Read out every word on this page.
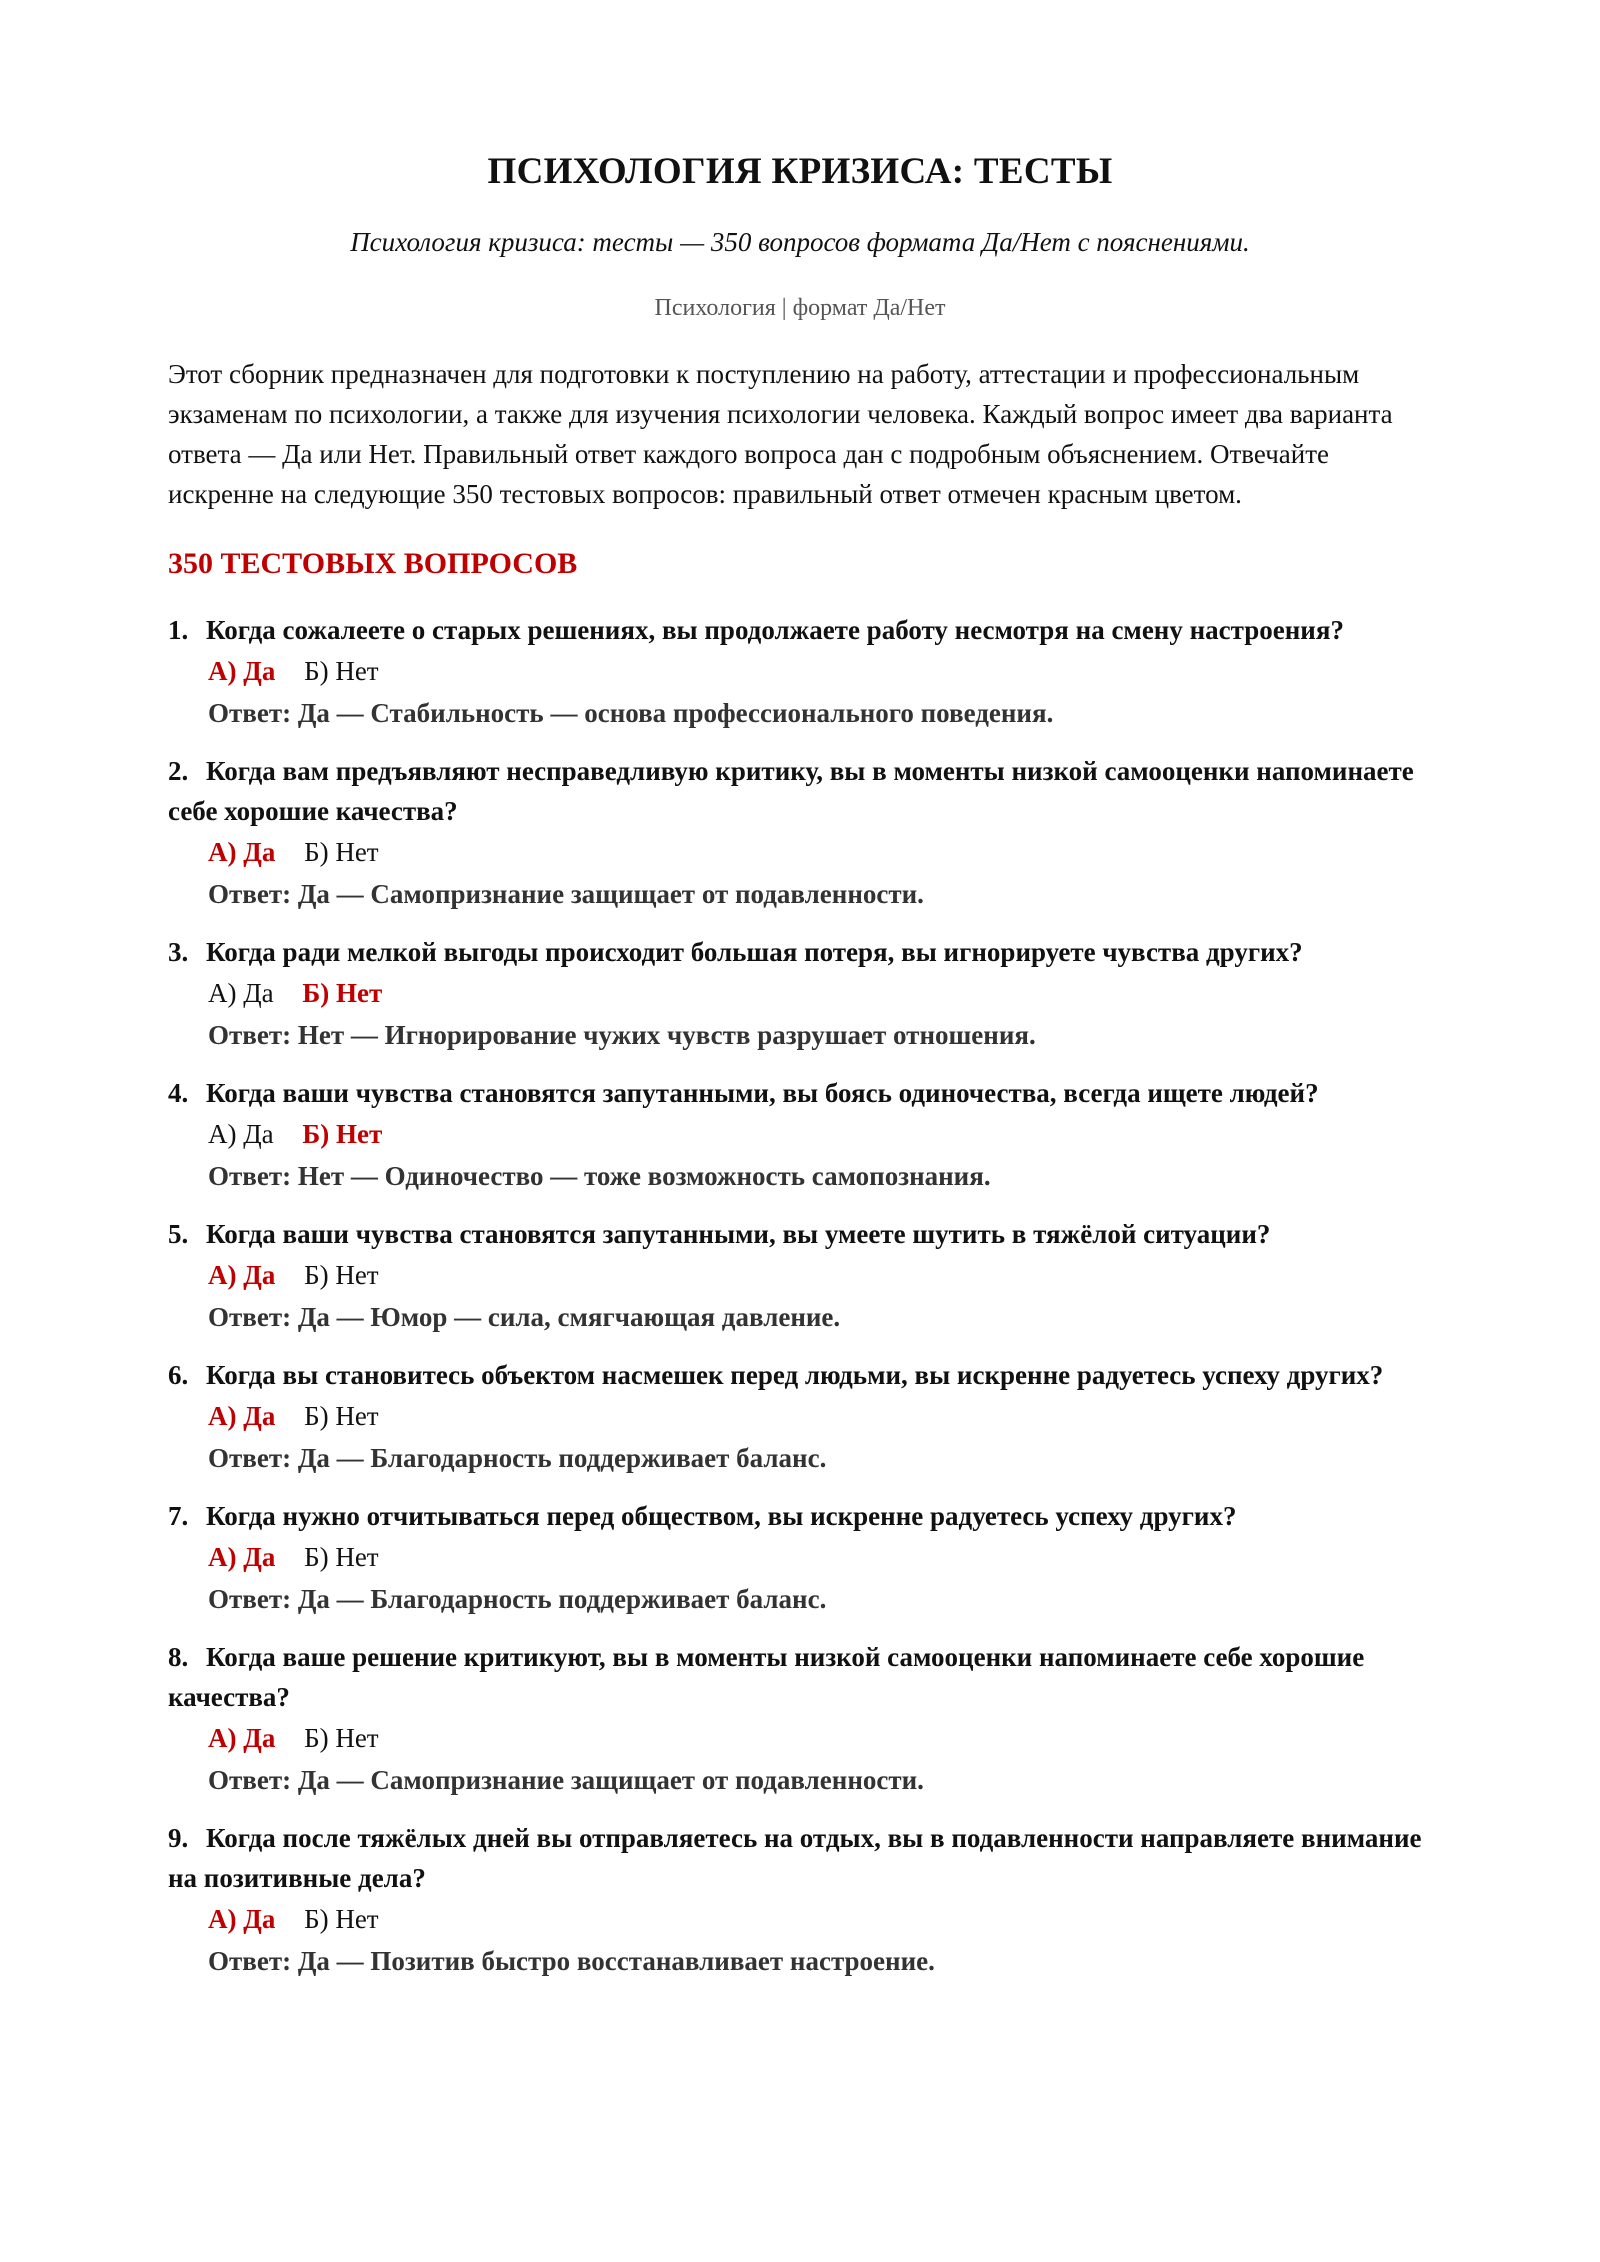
ПСИХОЛОГИЯ КРИЗИСА: ТЕСТЫ

Психология кризиса: тесты — 350 вопросов формата Да/Нет с пояснениями.

Психология | формат Да/Нет

Этот сборник предназначен для подготовки к поступлению на работу, аттестации и профессиональным экзаменам по психологии, а также для изучения психологии человека. Каждый вопрос имеет два варианта ответа — Да или Нет. Правильный ответ каждого вопроса дан с подробным объяснением. Отвечайте искренне на следующие 350 тестовых вопросов: правильный ответ отмечен красным цветом.

350 ТЕСТОВЫХ ВОПРОСОВ
1. Когда сожалеете о старых решениях, вы продолжаете работу несмотря на смену настроения?
А) Да Б) Нет
Ответ: Да — Стабильность — основа профессионального поведения.
2. Когда вам предъявляют несправедливую критику, вы в моменты низкой самооценки напоминаете себе хорошие качества?
А) Да Б) Нет
Ответ: Да — Самопризнание защищает от подавленности.
3. Когда ради мелкой выгоды происходит большая потеря, вы игнорируете чувства других?
А) Да Б) Нет
Ответ: Нет — Игнорирование чужих чувств разрушает отношения.
4. Когда ваши чувства становятся запутанными, вы боясь одиночества, всегда ищете людей?
А) Да Б) Нет
Ответ: Нет — Одиночество — тоже возможность самопознания.
5. Когда ваши чувства становятся запутанными, вы умеете шутить в тяжёлой ситуации?
А) Да Б) Нет
Ответ: Да — Юмор — сила, смягчающая давление.
6. Когда вы становитесь объектом насмешек перед людьми, вы искренне радуетесь успеху других?
А) Да Б) Нет
Ответ: Да — Благодарность поддерживает баланс.
7. Когда нужно отчитываться перед обществом, вы искренне радуетесь успеху других?
А) Да Б) Нет
Ответ: Да — Благодарность поддерживает баланс.
8. Когда ваше решение критикуют, вы в моменты низкой самооценки напоминаете себе хорошие качества?
А) Да Б) Нет
Ответ: Да — Самопризнание защищает от подавленности.
9. Когда после тяжёлых дней вы отправляетесь на отдых, вы в подавленности направляете внимание на позитивные дела?
А) Да Б) Нет
Ответ: Да — Позитив быстро восстанавливает настроение.
